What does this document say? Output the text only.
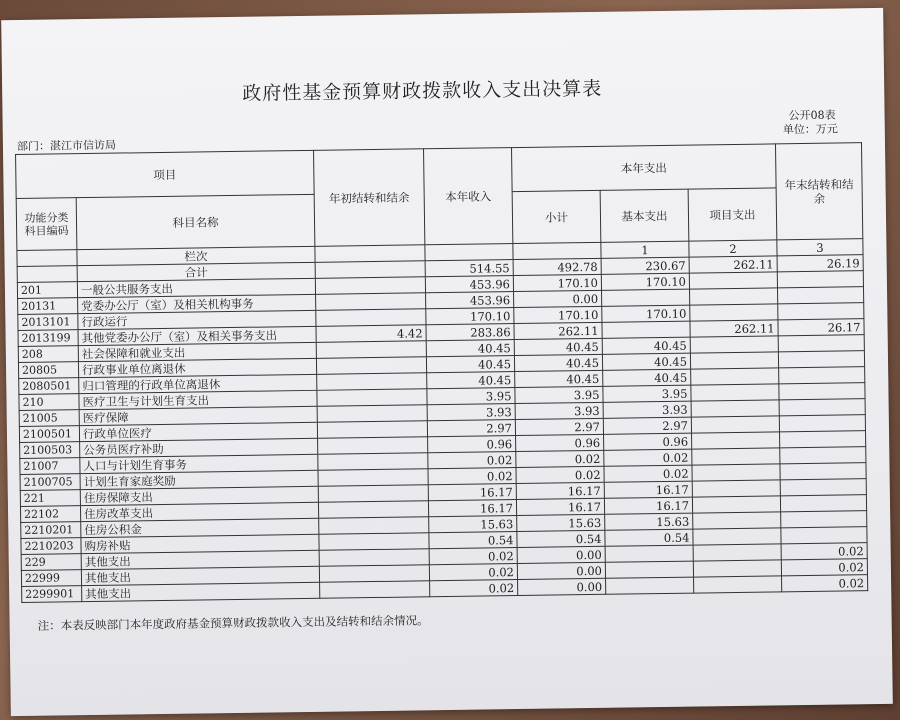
政府性基金预算财政拨款收入支出决算表
公开08表
单位：万元
部门：湛江市信访局
项目		年初结转和结余	本年收入	本年支出			年末结转和结余
功能分类科目编码	科目名称			小计	基本支出	项目支出	
	栏次				1	2	3
	合计		514.55	492.78	230.67	262.11	26.19
201	一般公共服务支出		453.96	170.10	170.10		
20131	党委办公厅（室）及相关机构事务		453.96	0.00			
2013101	行政运行		170.10	170.10	170.10		
2013199	其他党委办公厅（室）及相关事务支出	4.42	283.86	262.11		262.11	26.17
208	社会保障和就业支出		40.45	40.45	40.45		
20805	行政事业单位离退休		40.45	40.45	40.45		
2080501	归口管理的行政单位离退休		40.45	40.45	40.45		
210	医疗卫生与计划生育支出		3.95	3.95	3.95		
21005	医疗保障		3.93	3.93	3.93		
2100501	行政单位医疗		2.97	2.97	2.97		
2100503	公务员医疗补助		0.96	0.96	0.96		
21007	人口与计划生育事务		0.02	0.02	0.02		
2100705	计划生育家庭奖励		0.02	0.02	0.02		
221	住房保障支出		16.17	16.17	16.17		
22102	住房改革支出		16.17	16.17	16.17		
2210201	住房公积金		15.63	15.63	15.63		
2210203	购房补贴		0.54	0.54	0.54		
229	其他支出		0.02	0.00			0.02
22999	其他支出		0.02	0.00			0.02
2299901	其他支出		0.02	0.00			0.02
注：本表反映部门本年度政府基金预算财政拨款收入支出及结转和结余情况。
